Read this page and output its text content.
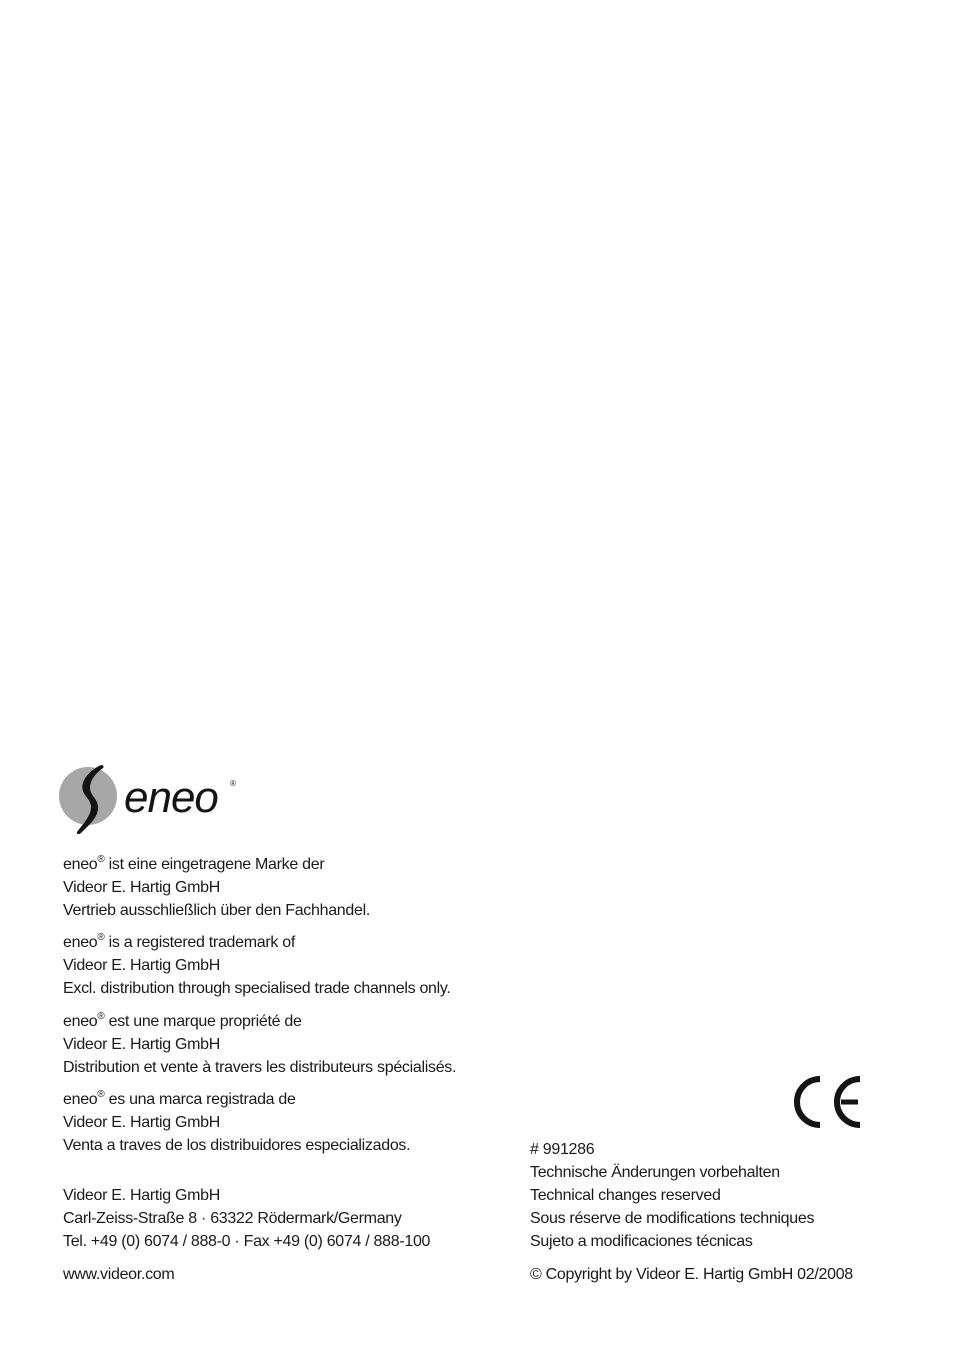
eneo ®
eneo® ist eine eingetragene Marke der
Videor E. Hartig GmbH
Vertrieb ausschließlich über den Fachhandel.
eneo® is a registered trademark of
Videor E. Hartig GmbH
Excl. distribution through specialised trade channels only.
eneo® est une marque propriété de
Videor E. Hartig GmbH
Distribution et vente à travers les distributeurs spécialisés.
eneo® es una marca registrada de
Videor E. Hartig GmbH
Venta a traves de los distribuidores especializados.
Videor E. Hartig GmbH
Carl-Zeiss-Straße 8 · 63322 Rödermark/Germany
Tel. +49 (0) 6074 / 888-0 · Fax +49 (0) 6074 / 888-100
www.videor.com
# 991286
Technische Änderungen vorbehalten
Technical changes reserved
Sous réserve de modifications techniques
Sujeto a modificaciones técnicas
© Copyright by Videor E. Hartig GmbH 02/2008
